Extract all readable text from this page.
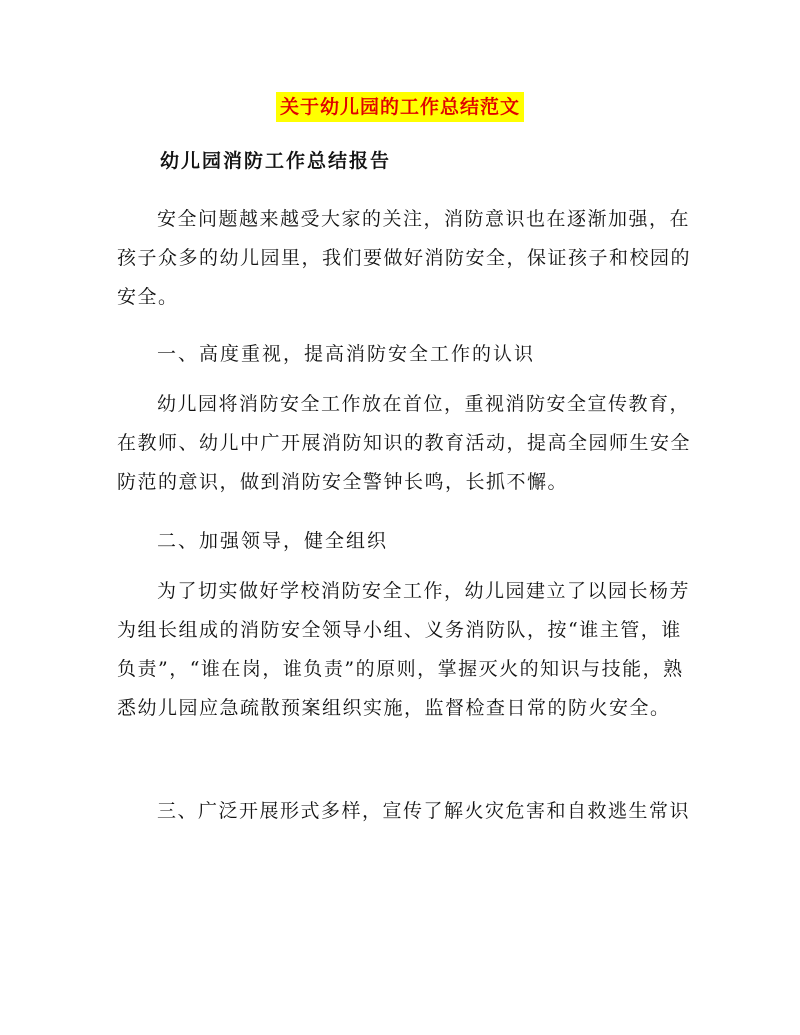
关于幼儿园的工作总结范文
幼儿园消防工作总结报告
安全问题越来越受大家的关注，消防意识也在逐渐加强，在孩子众多的幼儿园里，我们要做好消防安全，保证孩子和校园的安全。
一、高度重视，提高消防安全工作的认识
幼儿园将消防安全工作放在首位，重视消防安全宣传教育，在教师、幼儿中广开展消防知识的教育活动，提高全园师生安全防范的意识，做到消防安全警钟长鸣，长抓不懈。
二、加强领导，健全组织
为了切实做好学校消防安全工作，幼儿园建立了以园长杨芳为组长组成的消防安全领导小组、义务消防队，按“谁主管，谁负责”，“谁在岗，谁负责”的原则，掌握灭火的知识与技能，熟悉幼儿园应急疏散预案组织实施，监督检查日常的防火安全。
三、广泛开展形式多样，宣传了解火灾危害和自救逃生常识
